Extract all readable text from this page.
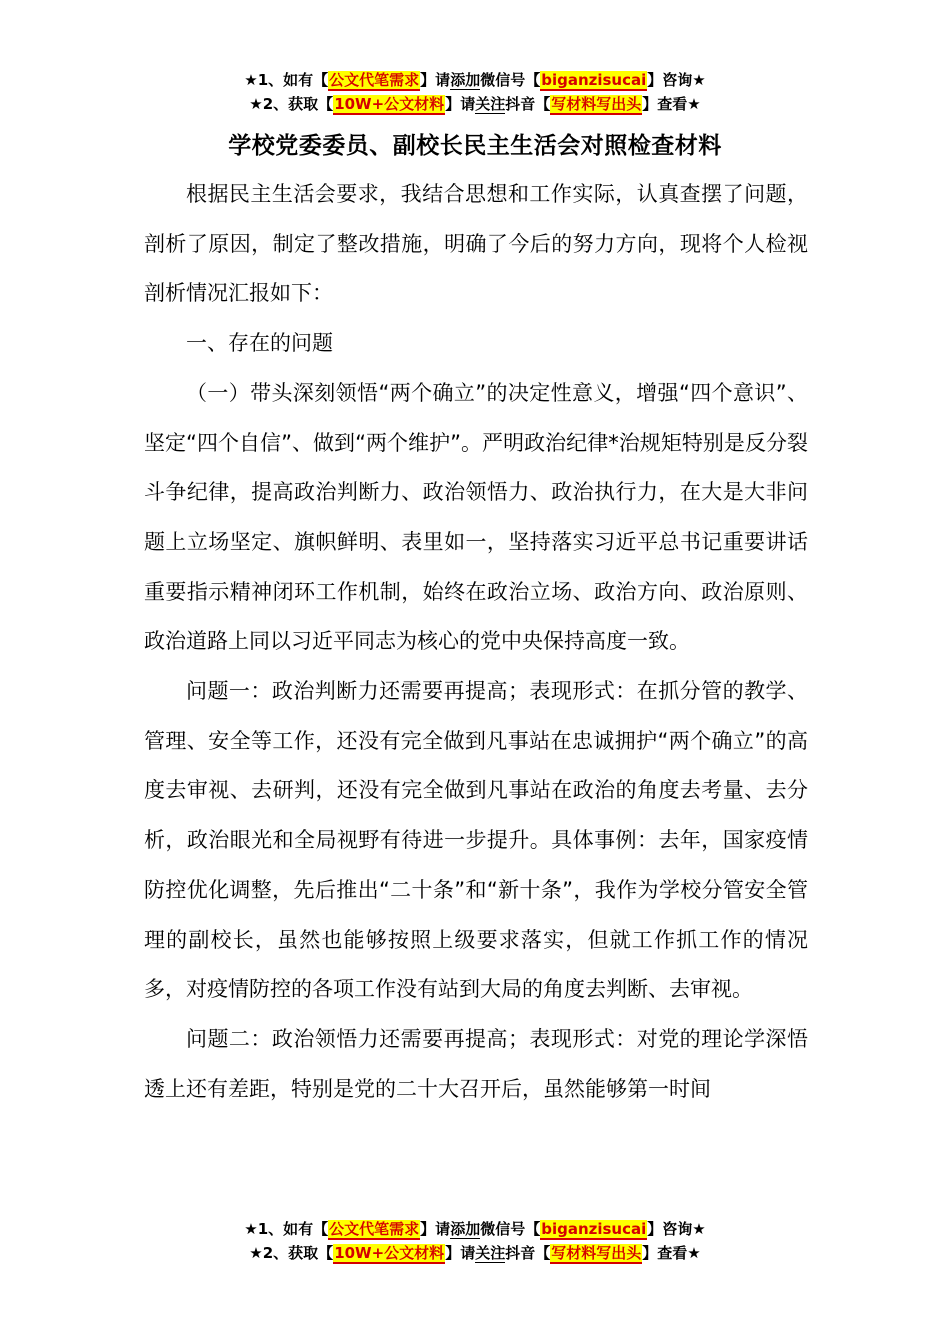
★1、如有【公文代笔需求】请添加微信号【biganzisucai】咨询★
★2、获取【10W+公文材料】请关注抖音【写材料写出头】查看★
学校党委委员、副校长民主生活会对照检查材料

根据民主生活会要求，我结合思想和工作实际，认真查摆了问题，剖析了原因，制定了整改措施，明确了今后的努力方向，现将个人检视剖析情况汇报如下：

一、存在的问题

（一）带头深刻领悟“两个确立”的决定性意义，增强“四个意识”、坚定“四个自信”、做到“两个维护”。严明政治纪律*治规矩特别是反分裂斗争纪律，提高政治判断力、政治领悟力、政治执行力，在大是大非问题上立场坚定、旗帜鲜明、表里如一，坚持落实习近平总书记重要讲话重要指示精神闭环工作机制，始终在政治立场、政治方向、政治原则、政治道路上同以习近平同志为核心的党中央保持高度一致。

问题一：政治判断力还需要再提高；表现形式：在抓分管的教学、管理、安全等工作，还没有完全做到凡事站在忠诚拥护“两个确立”的高度去审视、去研判，还没有完全做到凡事站在政治的角度去考量、去分析，政治眼光和全局视野有待进一步提升。具体事例：去年，国家疫情防控优化调整，先后推出“二十条”和“新十条”，我作为学校分管安全管理的副校长，虽然也能够按照上级要求落实，但就工作抓工作的情况多，对疫情防控的各项工作没有站到大局的角度去判断、去审视。

问题二：政治领悟力还需要再提高；表现形式：对党的理论学深悟透上还有差距，特别是党的二十大召开后，虽然能够第一时间

★1、如有【公文代笔需求】请添加微信号【biganzisucai】咨询★
★2、获取【10W+公文材料】请关注抖音【写材料写出头】查看★
